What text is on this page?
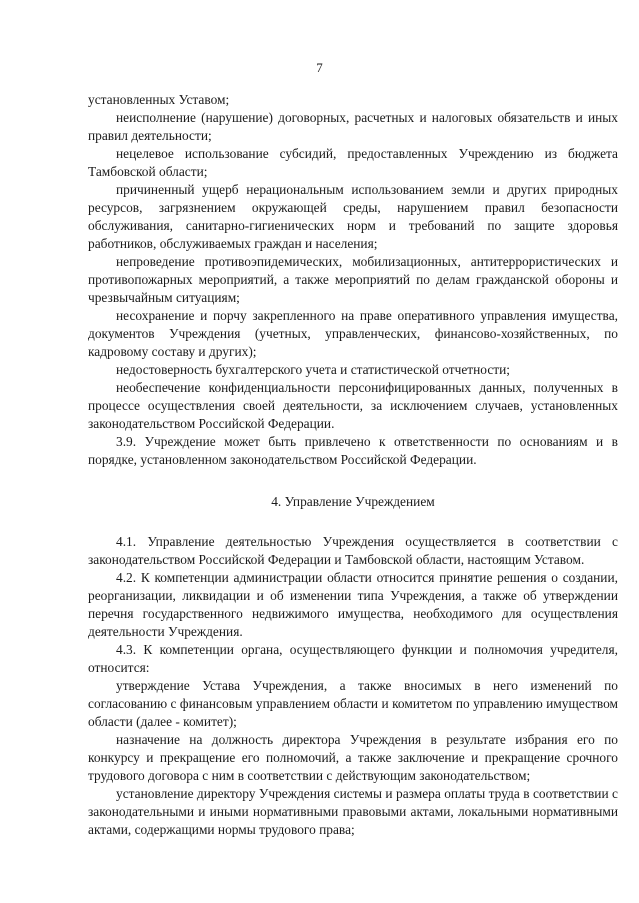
7

установленных Уставом;

неисполнение (нарушение) договорных, расчетных и налоговых обязательств и иных правил деятельности;

нецелевое использование субсидий, предоставленных Учреждению из бюджета Тамбовской области;

причиненный ущерб нерациональным использованием земли и других природных ресурсов, загрязнением окружающей среды, нарушением правил безопасности обслуживания, санитарно-гигиенических норм и требований по защите здоровья работников, обслуживаемых граждан и населения;

непроведение противоэпидемических, мобилизационных, антитеррористических и противопожарных мероприятий, а также мероприятий по делам гражданской обороны и чрезвычайным ситуациям;

несохранение и порчу закрепленного на праве оперативного управления имущества, документов Учреждения (учетных, управленческих, финансово-хозяйственных, по кадровому составу и других);

недостоверность бухгалтерского учета и статистической отчетности;

необеспечение конфиденциальности персонифицированных данных, полученных в процессе осуществления своей деятельности, за исключением случаев, установленных законодательством Российской Федерации.

3.9. Учреждение может быть привлечено к ответственности по основаниям и в порядке, установленном законодательством Российской Федерации.

4. Управление Учреждением

4.1. Управление деятельностью Учреждения осуществляется в соответствии с законодательством Российской Федерации и Тамбовской области, настоящим Уставом.

4.2. К компетенции администрации области относится принятие решения о создании, реорганизации, ликвидации и об изменении типа Учреждения, а также об утверждении перечня государственного недвижимого имущества, необходимого для осуществления деятельности Учреждения.

4.3. К компетенции органа, осуществляющего функции и полномочия учредителя, относится:

утверждение Устава Учреждения, а также вносимых в него изменений по согласованию с финансовым управлением области и комитетом по управлению имуществом области (далее - комитет);

назначение на должность директора Учреждения в результате избрания его по конкурсу и прекращение его полномочий, а также заключение и прекращение срочного трудового договора с ним в соответствии с действующим законодательством;

установление директору Учреждения системы и размера оплаты труда в соответствии с законодательными и иными нормативными правовыми актами, локальными нормативными актами, содержащими нормы трудового права;
